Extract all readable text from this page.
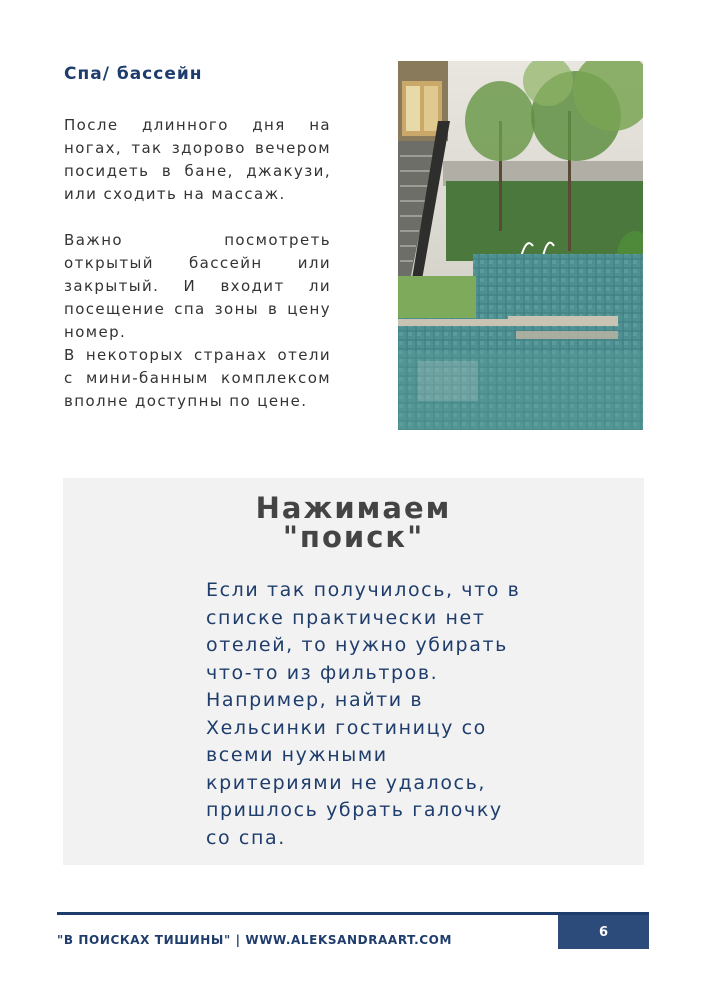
Спа/ бассейн

После длинного дня на ногах, так здорово вечером посидеть в бане, джакузи, или сходить на массаж.

Важно посмотреть открытый бассейн или закрытый. И входит ли посещение спа зоны в цену номер.

В некоторых странах отели с мини-банным комплексом вполне доступны по цене.

Нажимаем
"поиск"

Если так получилось, что в списке практически нет отелей, то нужно убирать что-то из фильтров. Например, найти в Хельсинки гостиницу со всеми нужными критериями не удалось, пришлось убрать галочку со спа.

"В ПОИСКАХ ТИШИНЫ" | WWW.ALEKSANDRAART.COM

6
